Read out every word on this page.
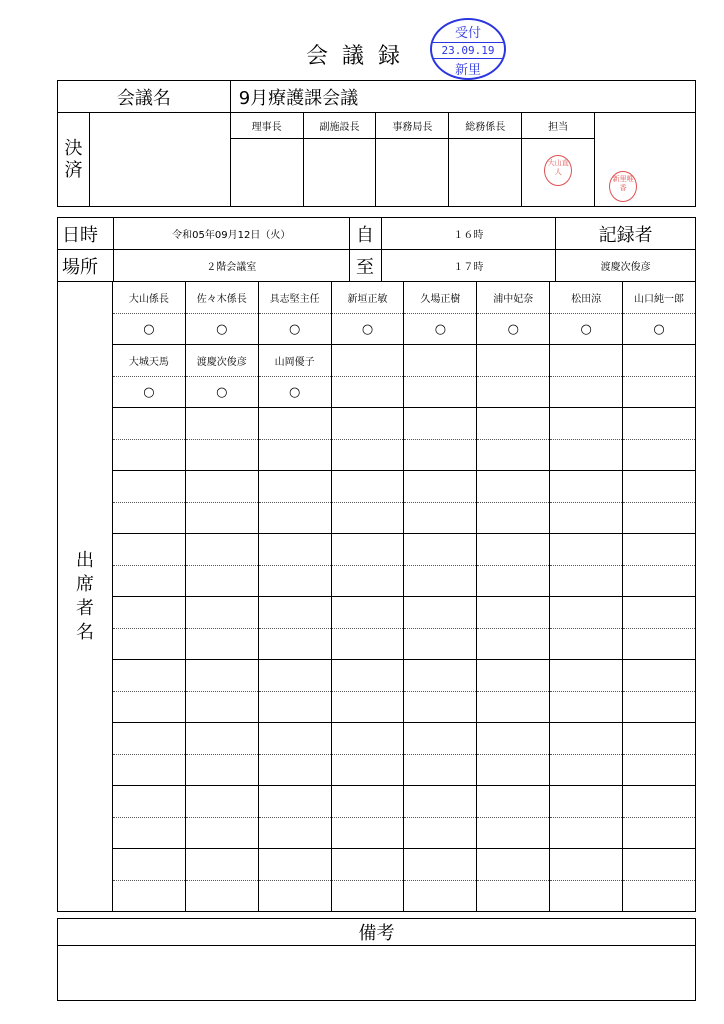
会議録
受付
23.09.19
新里
会議名		9月療護課会議					
決済		理事長	副施設長	事務局長	総務係長	担当	新里唯香

						大山直人	
日時	令和05年09月12日（火）	自	１６時	記録者
場所	２階会議室	至	１７時	渡慶次俊彦
出席者名	大山係長	佐々木係長	具志堅主任	新垣正敏	久場正樹	浦中妃奈	松田涼	山口純一郎
	○	○	○	○	○	○	○	○
	大城天馬	渡慶次俊彦	山岡優子					
	○	○	○					

備考
